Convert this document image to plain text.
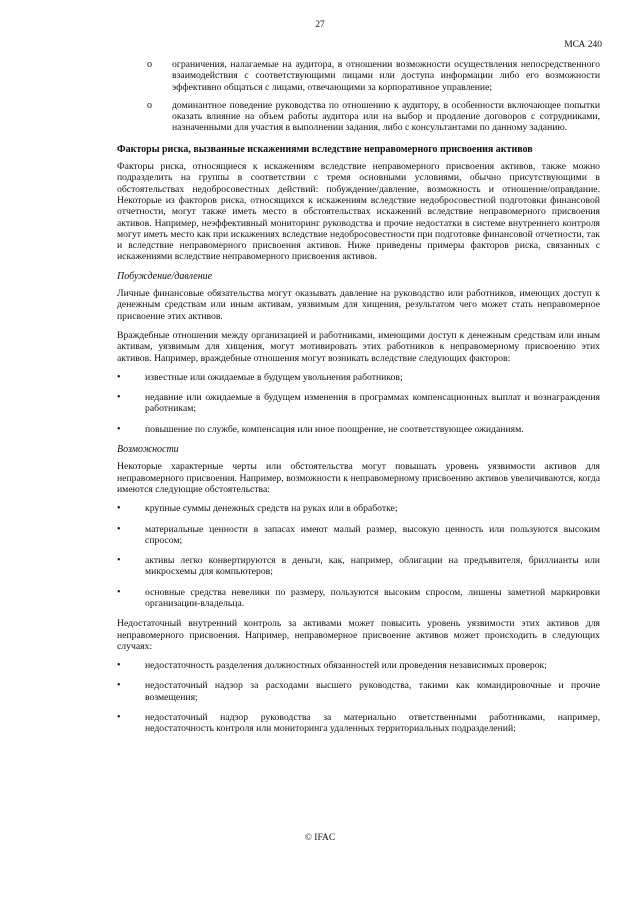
27
МСА 240
o ограничения, налагаемые на аудитора, в отношении возможности осуществления непосредственного взаимодействия с соответствующими лицами или доступа информации либо его возможности эффективно общаться с лицами, отвечающими за корпоративное управление;

o доминантное поведение руководства по отношению к аудитору, в особенности включающее попытки оказать влияние на объем работы аудитора или на выбор и продление договоров с сотрудниками, назначенными для участия в выполнении задания, либо с консультантами по данному заданию.

Факторы риска, вызванные искажениями вследствие неправомерного присвоения активов

Факторы риска, относящиеся к искажениям вследствие неправомерного присвоения активов, также можно подразделить на группы в соответствии с тремя основными условиями, обычно присутствующими в обстоятельствах недобросовестных действий: побуждение/давление, возможность и отношение/оправдание. Некоторые из факторов риска, относящихся к искажениям вследствие недобросовестной подготовки финансовой отчетности, могут также иметь место в обстоятельствах искажений вследствие неправомерного присвоения активов. Например, неэффективный мониторинг руководства и прочие недостатки в системе внутреннего контроля могут иметь место как при искажениях вследствие недобросовестности при подготовке финансовой отчетности, так и вследствие неправомерного присвоения активов. Ниже приведены примеры факторов риска, связанных с искажениями вследствие неправомерного присвоения активов.

Побуждение/давление

Личные финансовые обязательства могут оказывать давление на руководство или работников, имеющих доступ к денежным средствам или иным активам, уязвимым для хищения, результатом чего может стать неправомерное присвоение этих активов.

Враждебные отношения между организацией и работниками, имеющими доступ к денежным средствам или иным активам, уязвимым для хищения, могут мотивировать этих работников к неправомерному присвоению этих активов. Например, враждебные отношения могут возникать вследствие следующих факторов:

•	известные или ожидаемые в будущем увольнения работников;

•	недавние или ожидаемые в будущем изменения в программах компенсационных выплат и вознаграждения работникам;

•	повышение по службе, компенсация или иное поощрение, не соответствующее ожиданиям.

Возможности

Некоторые характерные черты или обстоятельства могут повышать уровень уязвимости активов для неправомерного присвоения. Например, возможности к неправомерному присвоению активов увеличиваются, когда имеются следующие обстоятельства:

•	крупные суммы денежных средств на руках или в обработке;

•	материальные ценности в запасах имеют малый размер, высокую ценность или пользуются высоким спросом;

•	активы легко конвертируются в деньги, как, например, облигации на предъявителя, бриллианты или микросхемы для компьютеров;

•	основные средства невелики по размеру, пользуются высоким спросом, лишены заметной маркировки организации-владельца.

Недостаточный внутренний контроль за активами может повысить уровень уязвимости этих активов для неправомерного присвоения. Например, неправомерное присвоение активов может происходить в следующих случаях:

•	недостаточность разделения должностных обязанностей или проведения независимых проверок;

•	недостаточный надзор за расходами высшего руководства, такими как командировочные и прочие возмещения;

•	недостаточный надзор руководства за материально ответственными работниками, например, недостаточность контроля или мониторинга удаленных территориальных подразделений;

© IFAC
